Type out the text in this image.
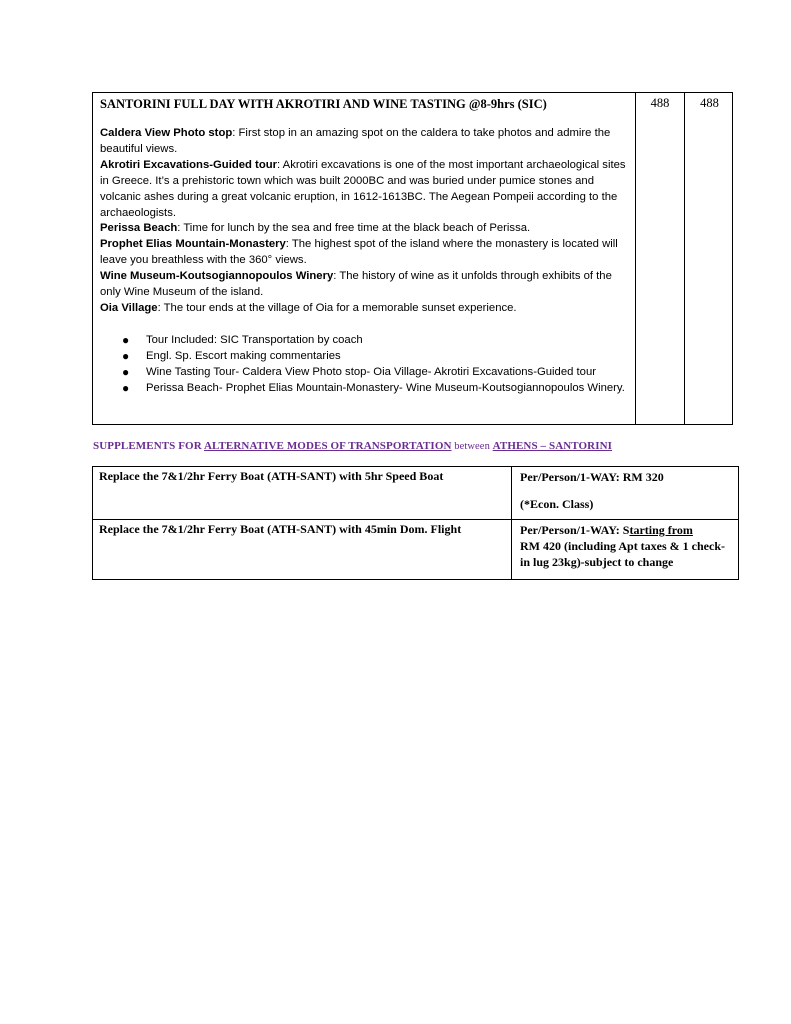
SANTORINI FULL DAY WITH AKROTIRI AND WINE TASTING @8-9hrs (SIC)

Caldera View Photo stop: First stop in an amazing spot on the caldera to take photos and admire the beautiful views.

Akrotiri Excavations-Guided tour: Akrotiri excavations is one of the most important archaeological sites in Greece. It’s a prehistoric town which was built 2000BC and was buried under pumice stones and volcanic ashes during a great volcanic eruption, in 1612-1613BC. The Aegean Pompeii according to the archaeologists.

Perissa Beach: Time for lunch by the sea and free time at the black beach of Perissa.

Prophet Elias Mountain-Monastery: The highest spot of the island where the monastery is located will leave you breathless with the 360° views.

Wine Museum-Koutsogiannopoulos Winery: The history of wine as it unfolds through exhibits of the only Wine Museum of the island.

Oia Village: The tour ends at the village of Oia for a memorable sunset experience.

● Tour Included: SIC Transportation by coach
● Engl. Sp. Escort making commentaries
● Wine Tasting Tour- Caldera View Photo stop- Oia Village- Akrotiri Excavations-Guided tour
● Perissa Beach- Prophet Elias Mountain-Monastery- Wine Museum-Koutsogiannopoulos Winery.
488	488
SUPPLEMENTS FOR ALTERNATIVE MODES OF TRANSPORTATION between ATHENS – SANTORINI
Replace the 7&1/2hr Ferry Boat (ATH-SANT) with 5hr Speed Boat	Per/Person/1-WAY: RM 320
(*Econ. Class)
Replace the 7&1/2hr Ferry Boat (ATH-SANT) with 45min Dom. Flight	Per/Person/1-WAY: Starting from
RM 420 (including Apt taxes & 1 check-in lug 23kg)-subject to change
